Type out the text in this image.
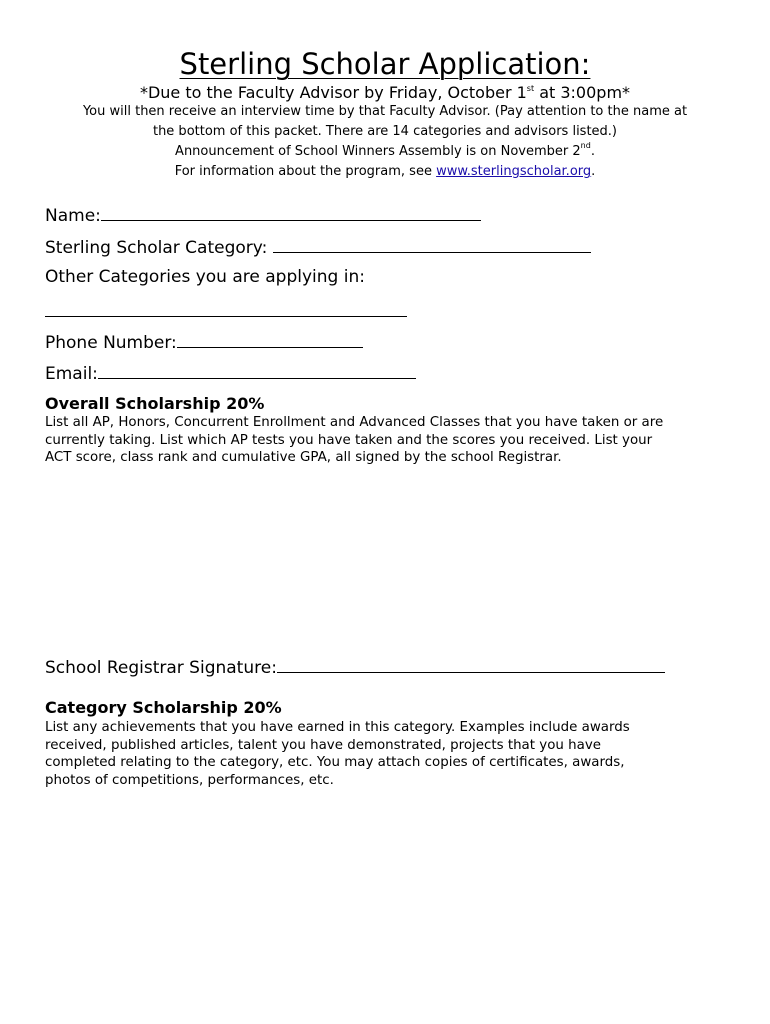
Sterling Scholar Application:
*Due to the Faculty Advisor by Friday, October 1st at 3:00pm*
You will then receive an interview time by that Faculty Advisor. (Pay attention to the name at
the bottom of this packet. There are 14 categories and advisors listed.)
Announcement of School Winners Assembly is on November 2nd.
For information about the program, see www.sterlingscholar.org.
Name:
Sterling Scholar Category:
Other Categories you are applying in:
Phone Number:
Email:
Overall Scholarship 20%
List all AP, Honors, Concurrent Enrollment and Advanced Classes that you have taken or are
currently taking. List which AP tests you have taken and the scores you received. List your
ACT score, class rank and cumulative GPA, all signed by the school Registrar.
School Registrar Signature:
Category Scholarship 20%
List any achievements that you have earned in this category. Examples include awards
received, published articles, talent you have demonstrated, projects that you have
completed relating to the category, etc. You may attach copies of certificates, awards,
photos of competitions, performances, etc.
